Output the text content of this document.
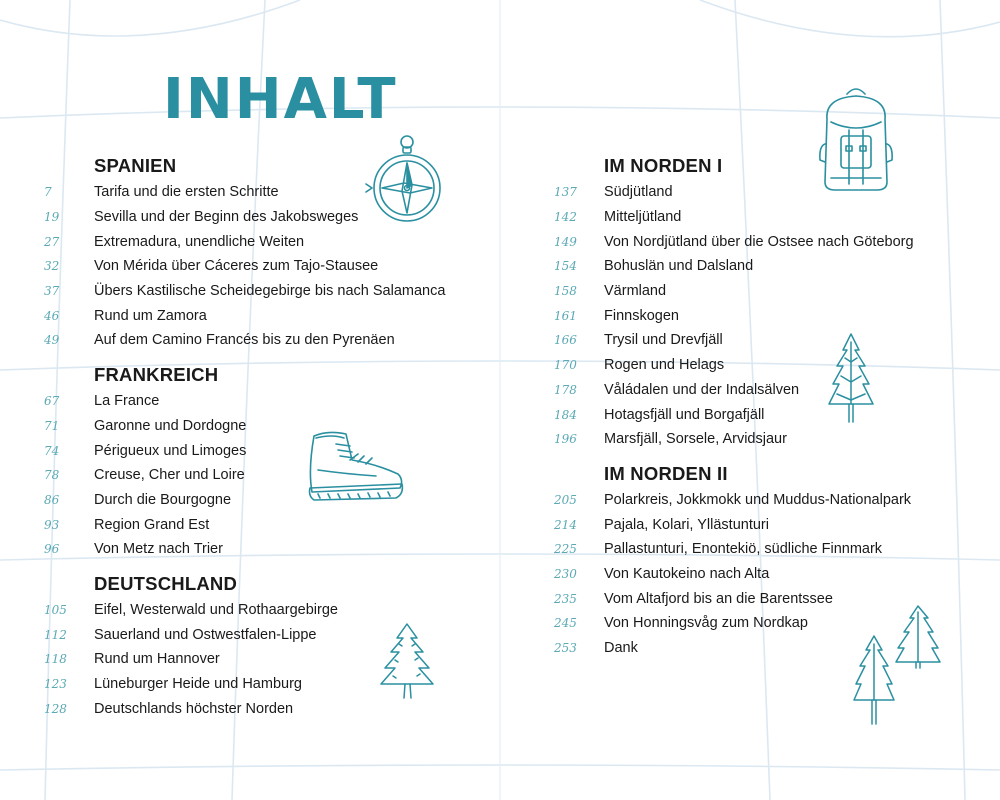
INHALT
SPANIEN
7	Tarifa und die ersten Schritte
19	Sevilla und der Beginn des Jakobsweges
27	Extremadura, unendliche Weiten
32	Von Mérida über Cáceres zum Tajo-Stausee
37	Übers Kastilische Scheidegebirge bis nach Salamanca
46	Rund um Zamora
49	Auf dem Camino Francés bis zu den Pyrenäen
FRANKREICH
67	La France
71	Garonne und Dordogne
74	Périgueux und Limoges
78	Creuse, Cher und Loire
86	Durch die Bourgogne
93	Region Grand Est
96	Von Metz nach Trier
DEUTSCHLAND
105	Eifel, Westerwald und Rothaargebirge
112	Sauerland und Ostwestfalen-Lippe
118	Rund um Hannover
123	Lüneburger Heide und Hamburg
128	Deutschlands höchster Norden
IM NORDEN I
137	Südjütland
142	Mitteljütland
149	Von Nordjütland über die Ostsee nach Göteborg
154	Bohuslän und Dalsland
158	Värmland
161	Finnskogen
166	Trysil und Drevfjäll
170	Rogen und Helags
178	Våládalen und der Indalsälven
184	Hotagsfjäll und Borgafjäll
196	Marsfjäll, Sorsele, Arvidsjaur
IM NORDEN II
205	Polarkreis, Jokkmokk und Muddus-Nationalpark
214	Pajala, Kolari, Ylläs​tunturi
225	Pallastunturi, Enontekiö, südliche Finnmark
230	Von Kautokeino nach Alta
235	Vom Altafjord bis an die Barentssee
245	Von Honningsvåg zum Nordkap
253	Dank
